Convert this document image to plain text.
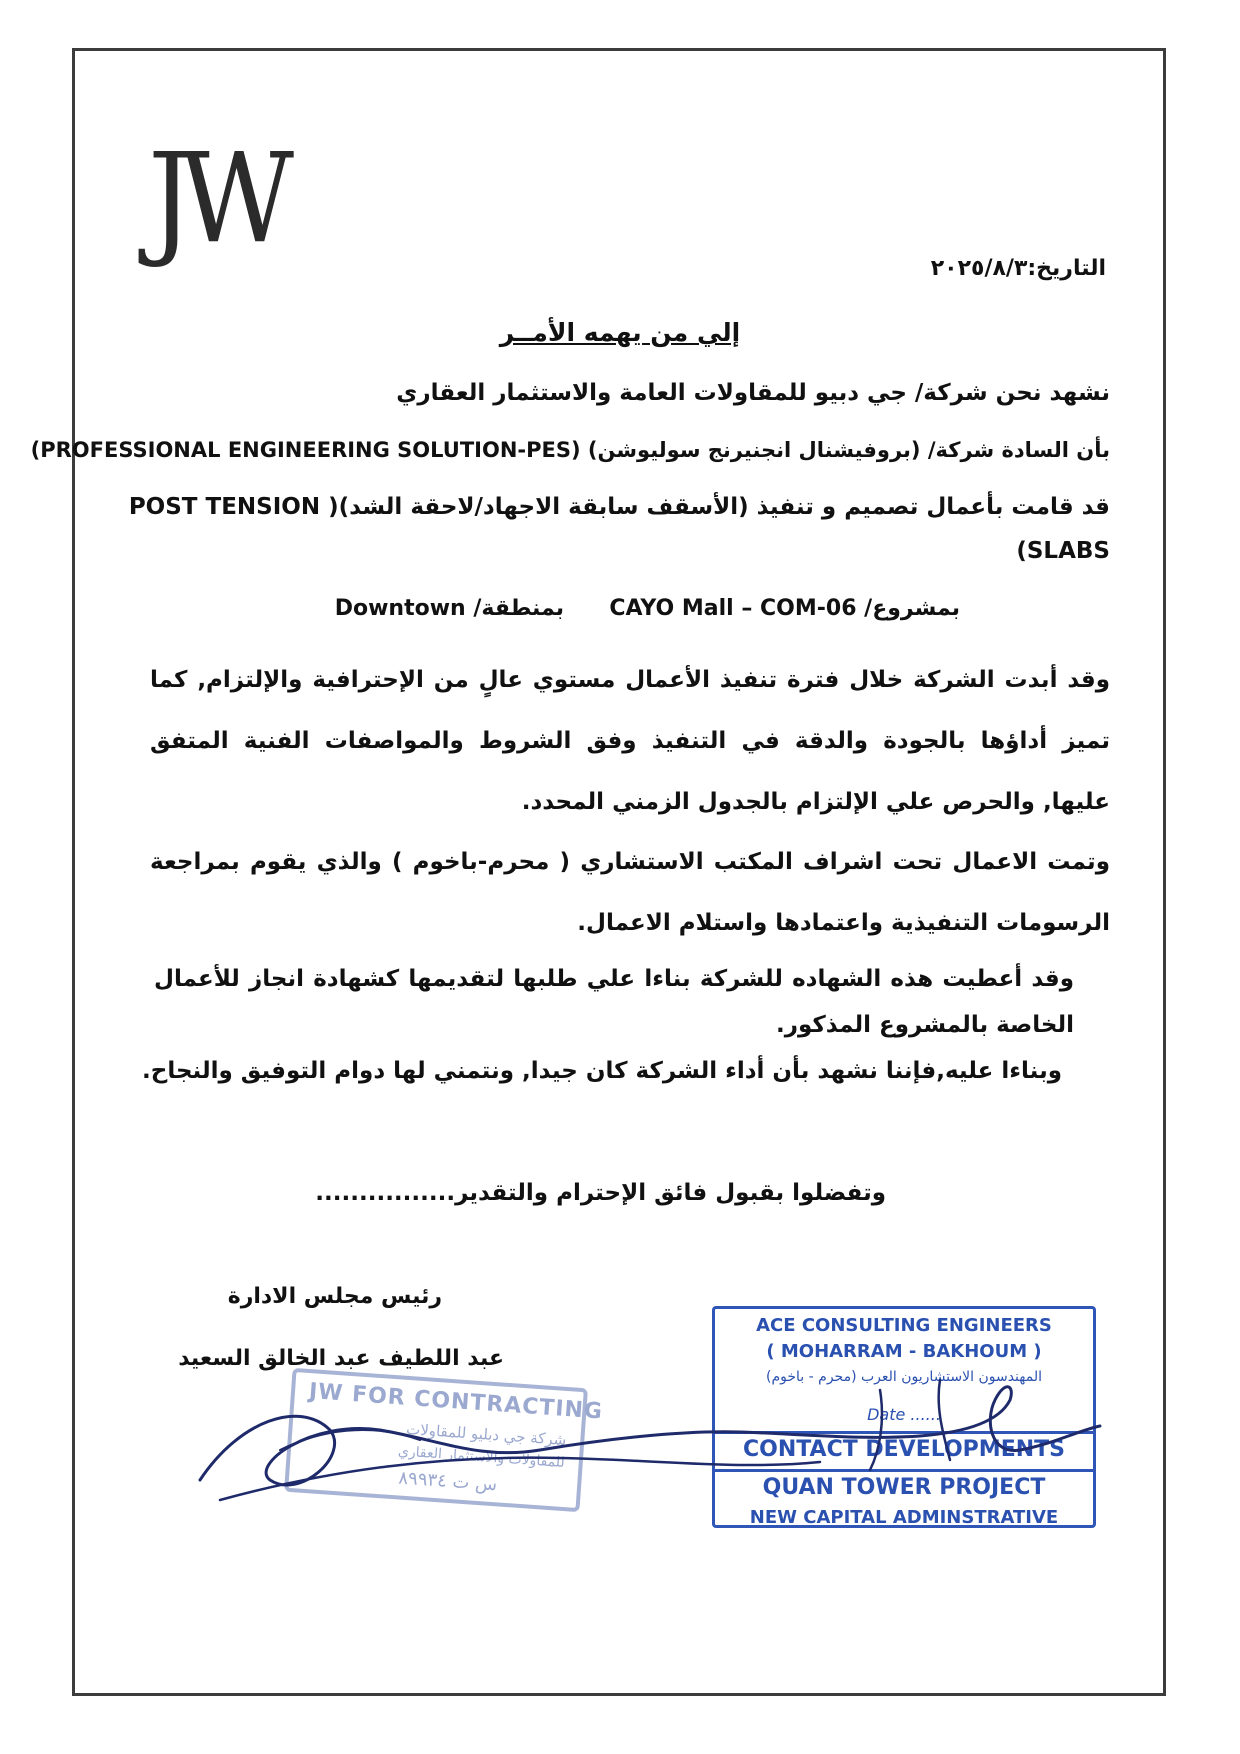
JW	التاريخ:٢٠٢٥/٨/٣
إلي من يهمه الأمــر
نشهد نحن شركة/ جي دبيو للمقاولات العامة والاستثمار العقاري
بأن السادة شركة/ (بروفيشنال انجنيرنج سوليوشن) (PROFESSIONAL ENGINEERING SOLUTION-PES)
قد قامت بأعمال تصميم و تنفيذ (الأسقف سابقة الاجهاد/لاحقة الشد)( POST TENSION
(SLABS
بمشروع/ CAYO Mall – COM-06
بمنطقة/ Downtown
وقد أبدت الشركة خلال فترة تنفيذ الأعمال مستوي عالٍ من الإحترافية والإلتزام, كما تميز أداؤها بالجودة والدقة في التنفيذ وفق الشروط والمواصفات الفنية المتفق عليها, والحرص علي الإلتزام بالجدول الزمني المحدد.
وتمت الاعمال تحت اشراف المكتب الاستشاري ( محرم-باخوم ) والذي يقوم بمراجعة الرسومات التنفيذية واعتمادها واستلام الاعمال.
وقد أعطيت هذه الشهاده للشركة بناءا علي طلبها لتقديمها كشهادة انجاز للأعمال الخاصة بالمشروع المذكور.
وبناءا عليه,فإننا نشهد بأن أداء الشركة كان جيدا, ونتمني لها دوام التوفيق والنجاح.
وتفضلوا بقبول فائق الإحترام والتقدير................
رئيس مجلس الادارة
عبد اللطيف عبد الخالق السعيد
JW FOR CONTRACTING
شركة جي دبليو للمقاولات
للمقاولات والاستثمار العقاري
س ت ٨٩٩٣٤
ACE CONSULTING ENGINEERS
( MOHARRAM - BAKHOUM )
المهندسون الاستشاريون العرب (محرم - باخوم)
Date ......
CONTACT DEVELOPMENTS
QUAN TOWER PROJECT
NEW CAPITAL ADMINSTRATIVE
